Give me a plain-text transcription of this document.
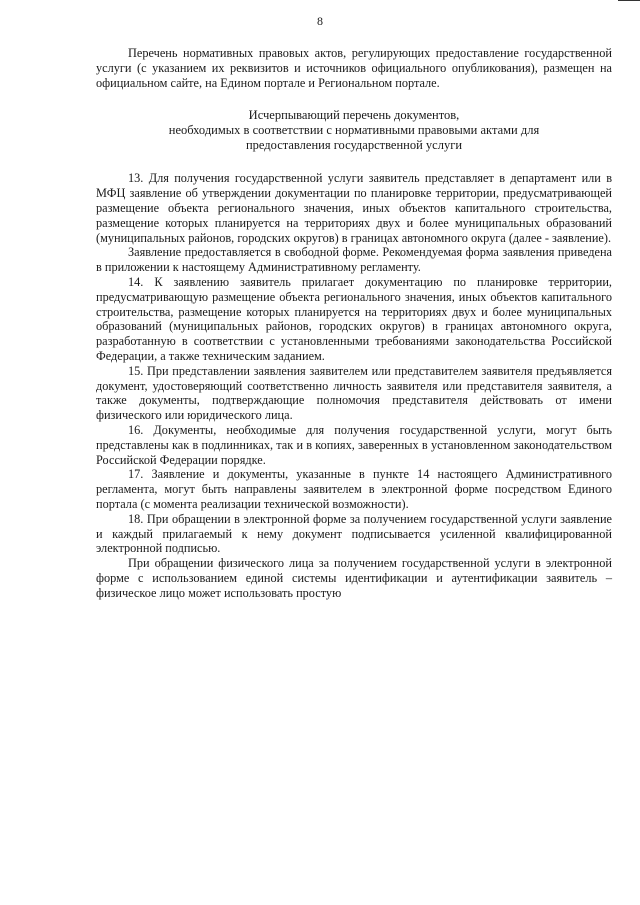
8

Перечень нормативных правовых актов, регулирующих предоставление государственной услуги (с указанием их реквизитов и источников официального опубликования), размещен на официальном сайте, на Едином портале и Региональном портале.

Исчерпывающий перечень документов,
необходимых в соответствии с нормативными правовыми актами для
предоставления государственной услуги

13. Для получения государственной услуги заявитель представляет в департамент или в МФЦ заявление об утверждении документации по планировке территории, предусматривающей размещение объекта регионального значения, иных объектов капитального строительства, размещение которых планируется на территориях двух и более муниципальных образований (муниципальных районов, городских округов) в границах автономного округа (далее - заявление).

Заявление предоставляется в свободной форме. Рекомендуемая форма заявления приведена в приложении к настоящему Административному регламенту.

14. К заявлению заявитель прилагает документацию по планировке территории, предусматривающую размещение объекта регионального значения, иных объектов капитального строительства, размещение которых планируется на территориях двух и более муниципальных образований (муниципальных районов, городских округов) в границах автономного округа, разработанную в соответствии с установленными требованиями законодательства Российской Федерации, а также техническим заданием.

15. При представлении заявления заявителем или представителем заявителя предъявляется документ, удостоверяющий соответственно личность заявителя или представителя заявителя, а также документы, подтверждающие полномочия представителя действовать от имени физического или юридического лица.

16. Документы, необходимые для получения государственной услуги, могут быть представлены как в подлинниках, так и в копиях, заверенных в установленном законодательством Российской Федерации порядке.

17. Заявление и документы, указанные в пункте 14 настоящего Административного регламента, могут быть направлены заявителем в электронной форме посредством Единого портала (с момента реализации технической возможности).

18. При обращении в электронной форме за получением государственной услуги заявление и каждый прилагаемый к нему документ подписывается усиленной квалифицированной электронной подписью.

При обращении физического лица за получением государственной услуги в электронной форме с использованием единой системы идентификации и аутентификации заявитель – физическое лицо может использовать простую
